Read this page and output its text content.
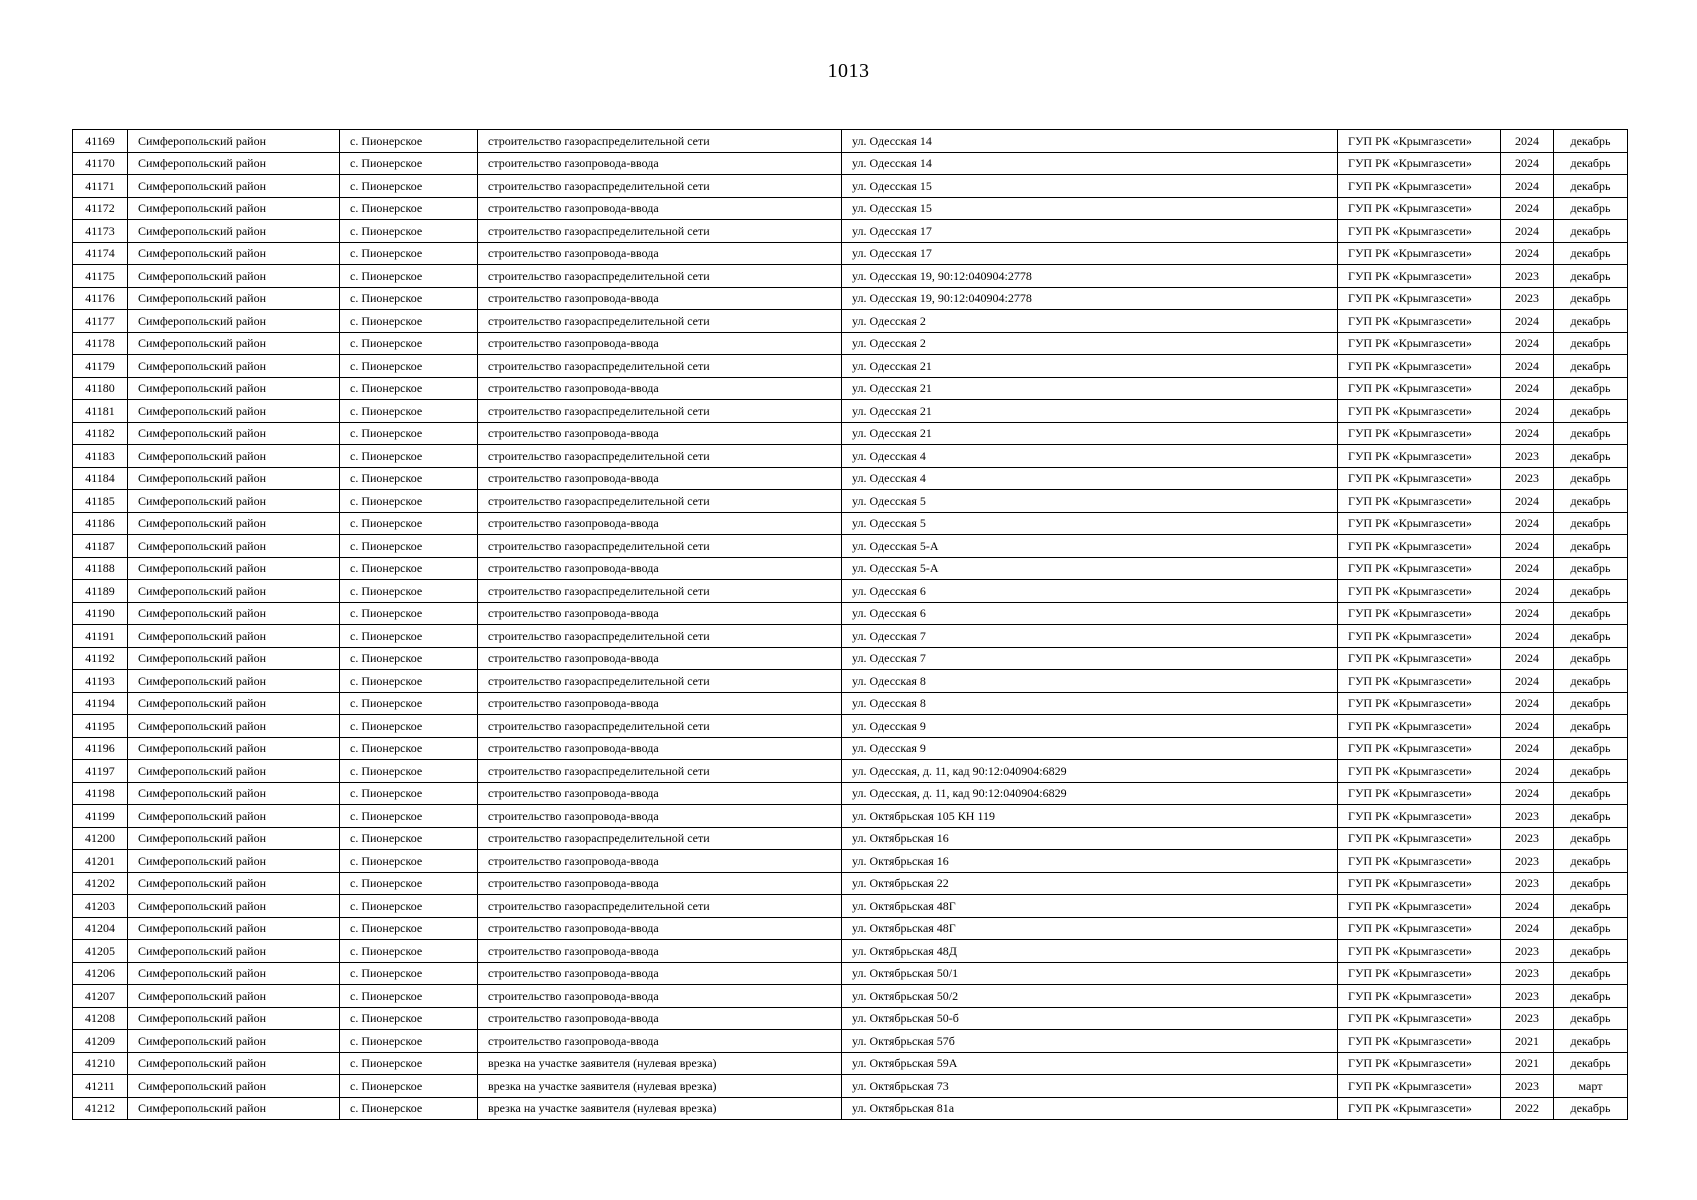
1013
41169	Симферопольский район	с. Пионерское	строительство газораспределительной сети	ул. Одесская 14	ГУП РК «Крымгазсети»	2024	декабрь
41170	Симферопольский район	с. Пионерское	строительство газопровода-ввода	ул. Одесская 14	ГУП РК «Крымгазсети»	2024	декабрь
41171	Симферопольский район	с. Пионерское	строительство газораспределительной сети	ул. Одесская 15	ГУП РК «Крымгазсети»	2024	декабрь
41172	Симферопольский район	с. Пионерское	строительство газопровода-ввода	ул. Одесская 15	ГУП РК «Крымгазсети»	2024	декабрь
41173	Симферопольский район	с. Пионерское	строительство газораспределительной сети	ул. Одесская 17	ГУП РК «Крымгазсети»	2024	декабрь
41174	Симферопольский район	с. Пионерское	строительство газопровода-ввода	ул. Одесская 17	ГУП РК «Крымгазсети»	2024	декабрь
41175	Симферопольский район	с. Пионерское	строительство газораспределительной сети	ул. Одесская 19, 90:12:040904:2778	ГУП РК «Крымгазсети»	2023	декабрь
41176	Симферопольский район	с. Пионерское	строительство газопровода-ввода	ул. Одесская 19, 90:12:040904:2778	ГУП РК «Крымгазсети»	2023	декабрь
41177	Симферопольский район	с. Пионерское	строительство газораспределительной сети	ул. Одесская 2	ГУП РК «Крымгазсети»	2024	декабрь
41178	Симферопольский район	с. Пионерское	строительство газопровода-ввода	ул. Одесская 2	ГУП РК «Крымгазсети»	2024	декабрь
41179	Симферопольский район	с. Пионерское	строительство газораспределительной сети	ул. Одесская 21	ГУП РК «Крымгазсети»	2024	декабрь
41180	Симферопольский район	с. Пионерское	строительство газопровода-ввода	ул. Одесская 21	ГУП РК «Крымгазсети»	2024	декабрь
41181	Симферопольский район	с. Пионерское	строительство газораспределительной сети	ул. Одесская 21	ГУП РК «Крымгазсети»	2024	декабрь
41182	Симферопольский район	с. Пионерское	строительство газопровода-ввода	ул. Одесская 21	ГУП РК «Крымгазсети»	2024	декабрь
41183	Симферопольский район	с. Пионерское	строительство газораспределительной сети	ул. Одесская 4	ГУП РК «Крымгазсети»	2023	декабрь
41184	Симферопольский район	с. Пионерское	строительство газопровода-ввода	ул. Одесская 4	ГУП РК «Крымгазсети»	2023	декабрь
41185	Симферопольский район	с. Пионерское	строительство газораспределительной сети	ул. Одесская 5	ГУП РК «Крымгазсети»	2024	декабрь
41186	Симферопольский район	с. Пионерское	строительство газопровода-ввода	ул. Одесская 5	ГУП РК «Крымгазсети»	2024	декабрь
41187	Симферопольский район	с. Пионерское	строительство газораспределительной сети	ул. Одесская 5-А	ГУП РК «Крымгазсети»	2024	декабрь
41188	Симферопольский район	с. Пионерское	строительство газопровода-ввода	ул. Одесская 5-А	ГУП РК «Крымгазсети»	2024	декабрь
41189	Симферопольский район	с. Пионерское	строительство газораспределительной сети	ул. Одесская 6	ГУП РК «Крымгазсети»	2024	декабрь
41190	Симферопольский район	с. Пионерское	строительство газопровода-ввода	ул. Одесская 6	ГУП РК «Крымгазсети»	2024	декабрь
41191	Симферопольский район	с. Пионерское	строительство газораспределительной сети	ул. Одесская 7	ГУП РК «Крымгазсети»	2024	декабрь
41192	Симферопольский район	с. Пионерское	строительство газопровода-ввода	ул. Одесская 7	ГУП РК «Крымгазсети»	2024	декабрь
41193	Симферопольский район	с. Пионерское	строительство газораспределительной сети	ул. Одесская 8	ГУП РК «Крымгазсети»	2024	декабрь
41194	Симферопольский район	с. Пионерское	строительство газопровода-ввода	ул. Одесская 8	ГУП РК «Крымгазсети»	2024	декабрь
41195	Симферопольский район	с. Пионерское	строительство газораспределительной сети	ул. Одесская 9	ГУП РК «Крымгазсети»	2024	декабрь
41196	Симферопольский район	с. Пионерское	строительство газопровода-ввода	ул. Одесская 9	ГУП РК «Крымгазсети»	2024	декабрь
41197	Симферопольский район	с. Пионерское	строительство газораспределительной сети	ул. Одесская, д. 11, кад 90:12:040904:6829	ГУП РК «Крымгазсети»	2024	декабрь
41198	Симферопольский район	с. Пионерское	строительство газопровода-ввода	ул. Одесская, д. 11, кад 90:12:040904:6829	ГУП РК «Крымгазсети»	2024	декабрь
41199	Симферопольский район	с. Пионерское	строительство газопровода-ввода	ул. Октябрьская 105 КН 119	ГУП РК «Крымгазсети»	2023	декабрь
41200	Симферопольский район	с. Пионерское	строительство газораспределительной сети	ул. Октябрьская 16	ГУП РК «Крымгазсети»	2023	декабрь
41201	Симферопольский район	с. Пионерское	строительство газопровода-ввода	ул. Октябрьская 16	ГУП РК «Крымгазсети»	2023	декабрь
41202	Симферопольский район	с. Пионерское	строительство газопровода-ввода	ул. Октябрьская 22	ГУП РК «Крымгазсети»	2023	декабрь
41203	Симферопольский район	с. Пионерское	строительство газораспределительной сети	ул. Октябрьская 48Г	ГУП РК «Крымгазсети»	2024	декабрь
41204	Симферопольский район	с. Пионерское	строительство газопровода-ввода	ул. Октябрьская 48Г	ГУП РК «Крымгазсети»	2024	декабрь
41205	Симферопольский район	с. Пионерское	строительство газопровода-ввода	ул. Октябрьская 48Д	ГУП РК «Крымгазсети»	2023	декабрь
41206	Симферопольский район	с. Пионерское	строительство газопровода-ввода	ул. Октябрьская 50/1	ГУП РК «Крымгазсети»	2023	декабрь
41207	Симферопольский район	с. Пионерское	строительство газопровода-ввода	ул. Октябрьская 50/2	ГУП РК «Крымгазсети»	2023	декабрь
41208	Симферопольский район	с. Пионерское	строительство газопровода-ввода	ул. Октябрьская 50-б	ГУП РК «Крымгазсети»	2023	декабрь
41209	Симферопольский район	с. Пионерское	строительство газопровода-ввода	ул. Октябрьская 57б	ГУП РК «Крымгазсети»	2021	декабрь
41210	Симферопольский район	с. Пионерское	врезка на участке заявителя (нулевая врезка)	ул. Октябрьская 59А	ГУП РК «Крымгазсети»	2021	декабрь
41211	Симферопольский район	с. Пионерское	врезка на участке заявителя (нулевая врезка)	ул. Октябрьская 73	ГУП РК «Крымгазсети»	2023	март
41212	Симферопольский район	с. Пионерское	врезка на участке заявителя (нулевая врезка)	ул. Октябрьская 81а	ГУП РК «Крымгазсети»	2022	декабрь
